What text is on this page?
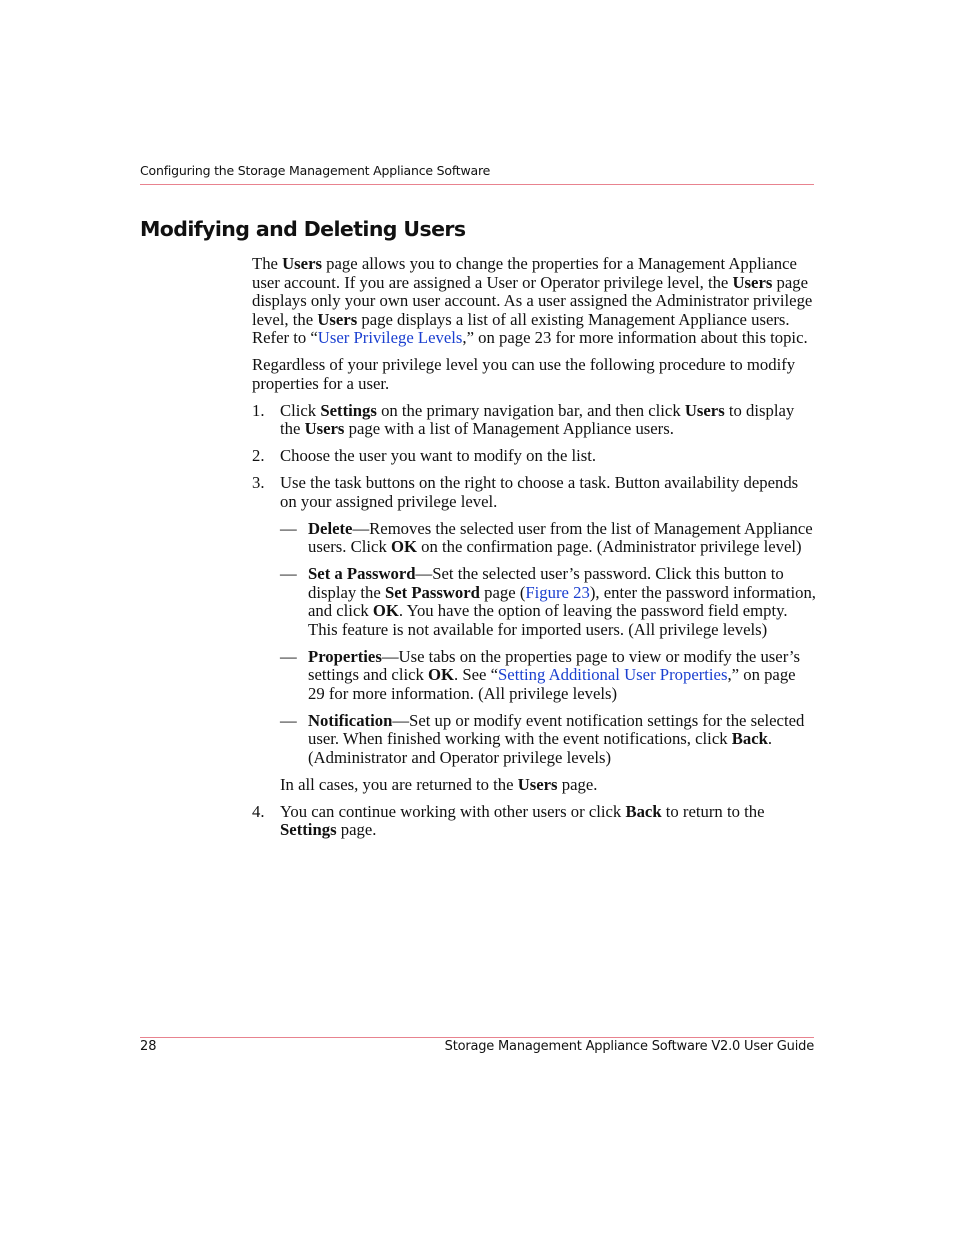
Configuring the Storage Management Appliance Software
Modifying and Deleting Users

The Users page allows you to change the properties for a Management Appliance user account. If you are assigned a User or Operator privilege level, the Users page displays only your own user account. As a user assigned the Administrator privilege level, the Users page displays a list of all existing Management Appliance users. Refer to “User Privilege Levels,” on page 23 for more information about this topic.

Regardless of your privilege level you can use the following procedure to modify properties for a user.

1. Click Settings on the primary navigation bar, and then click Users to display the Users page with a list of Management Appliance users.

2. Choose the user you want to modify on the list.

3. Use the task buttons on the right to choose a task. Button availability depends on your assigned privilege level.

— Delete—Removes the selected user from the list of Management Appliance users. Click OK on the confirmation page. (Administrator privilege level)
— Set a Password—Set the selected user’s password. Click this button to display the Set Password page (Figure 23), enter the password information, and click OK. You have the option of leaving the password field empty. This feature is not available for imported users. (All privilege levels)
— Properties—Use tabs on the properties page to view or modify the user’s settings and click OK. See “Setting Additional User Properties,” on page 29 for more information. (All privilege levels)
— Notification—Set up or modify event notification settings for the selected user. When finished working with the event notifications, click Back. (Administrator and Operator privilege levels)

In all cases, you are returned to the Users page.

4. You can continue working with other users or click Back to return to the Settings page.

28	Storage Management Appliance Software V2.0 User Guide
